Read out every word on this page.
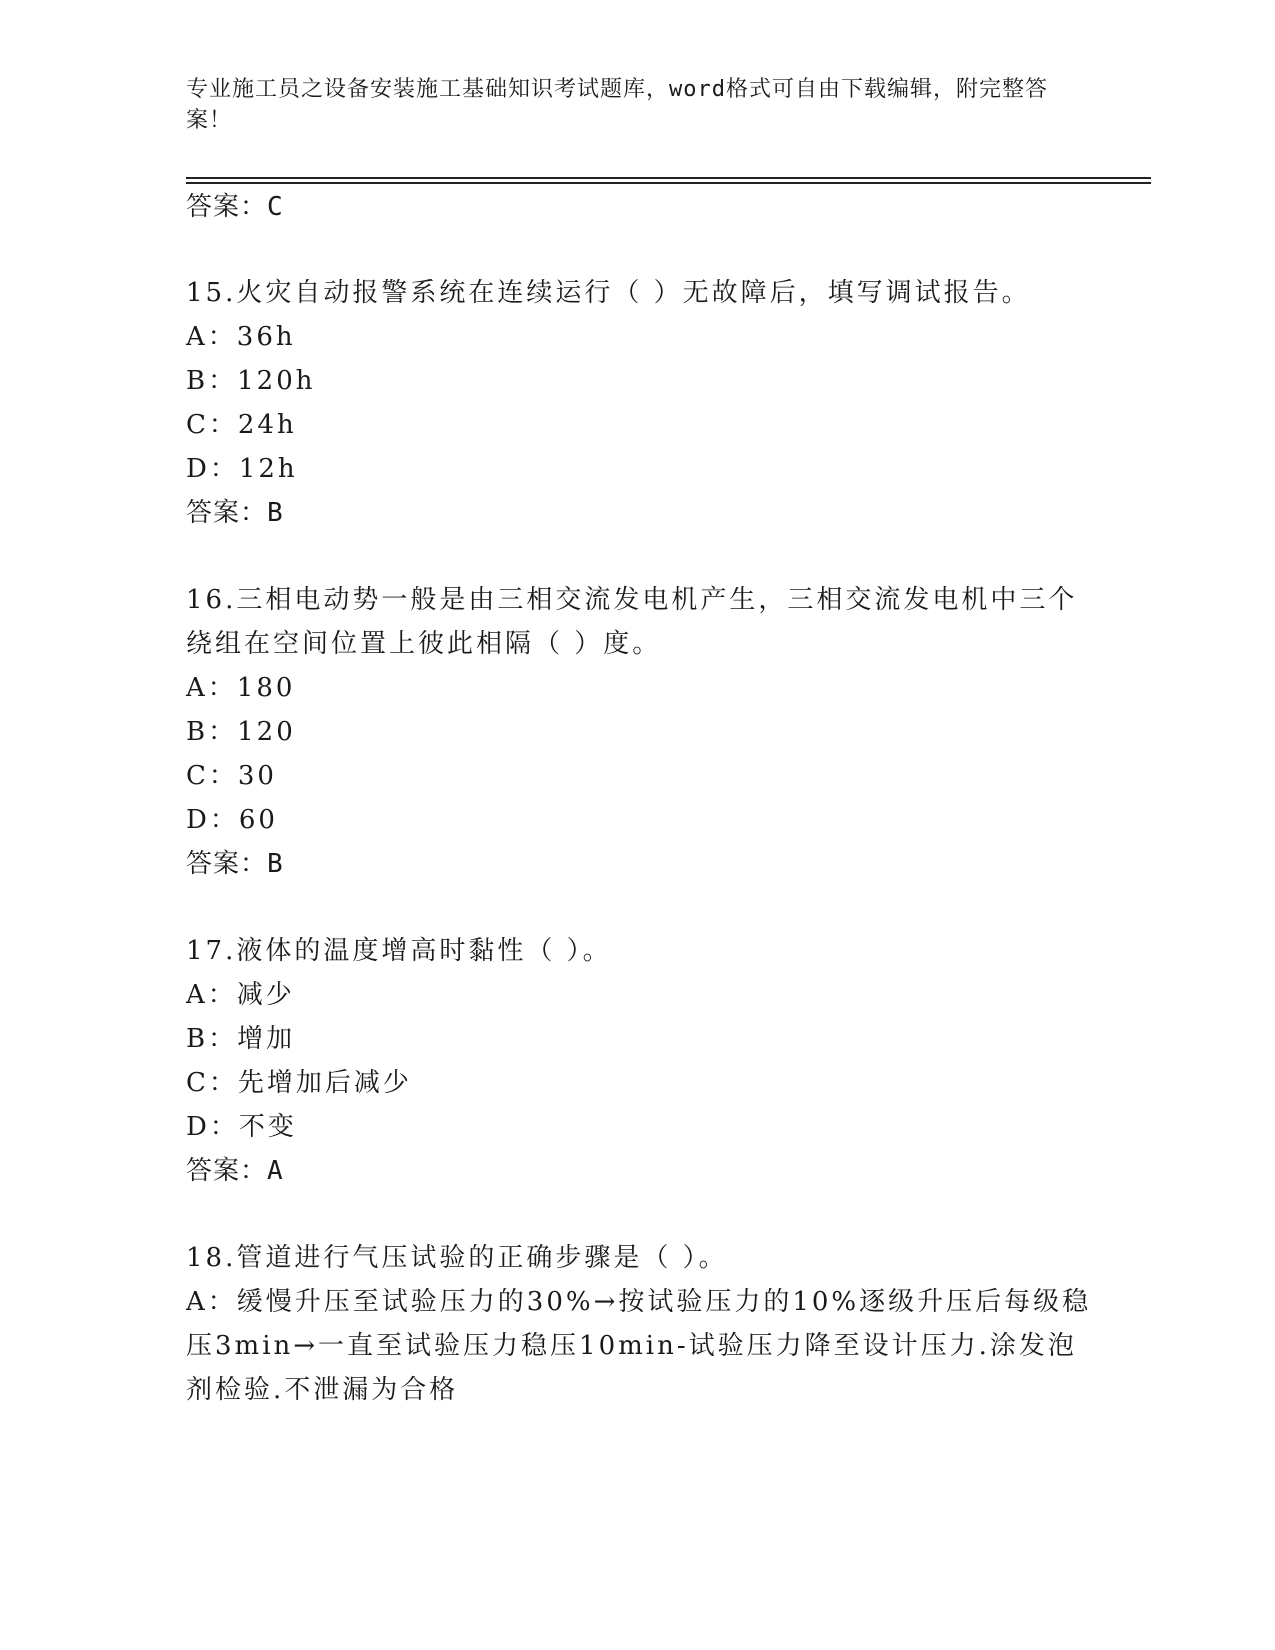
专业施工员之设备安装施工基础知识考试题库，word格式可自由下载编辑，附完整答案！
答案：C
15.火灾自动报警系统在连续运行（ ）无故障后，填写调试报告。
A：36h
B：120h
C：24h
D：12h
答案：B
16.三相电动势一般是由三相交流发电机产生，三相交流发电机中三个
绕组在空间位置上彼此相隔（ ）度。
A：180
B：120
C：30
D：60
答案：B
17.液体的温度增高时黏性（ ）。
A：减少
B：增加
C：先增加后减少
D：不变
答案：A
18.管道进行气压试验的正确步骤是（ ）。
A：缓慢升压至试验压力的30%→按试验压力的10%逐级升压后每级稳
压3min→一直至试验压力稳压10min-试验压力降至设计压力.涂发泡
剂检验.不泄漏为合格
